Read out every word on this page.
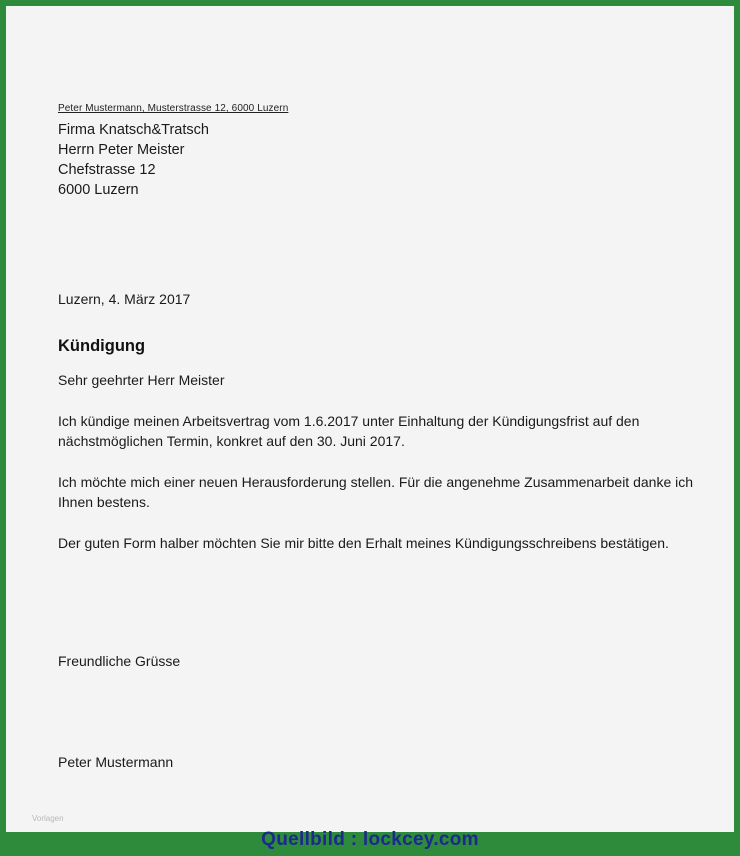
Peter Mustermann, Musterstrasse 12, 6000 Luzern
Firma Knatsch&Tratsch
Herrn Peter Meister
Chefstrasse 12
6000 Luzern
Luzern, 4. März 2017
Kündigung
Sehr geehrter Herr Meister
Ich kündige meinen Arbeitsvertrag vom 1.6.2017 unter Einhaltung der Kündigungsfrist auf den nächstmöglichen Termin, konkret auf den 30. Juni 2017.
Ich möchte mich einer neuen Herausforderung stellen. Für die angenehme Zusammenarbeit danke ich Ihnen bestens.
Der guten Form halber möchten Sie mir bitte den Erhalt meines Kündigungsschreibens bestätigen.
Freundliche Grüsse
Peter Mustermann
Vorlagen
Quellbild : lockcey.com
